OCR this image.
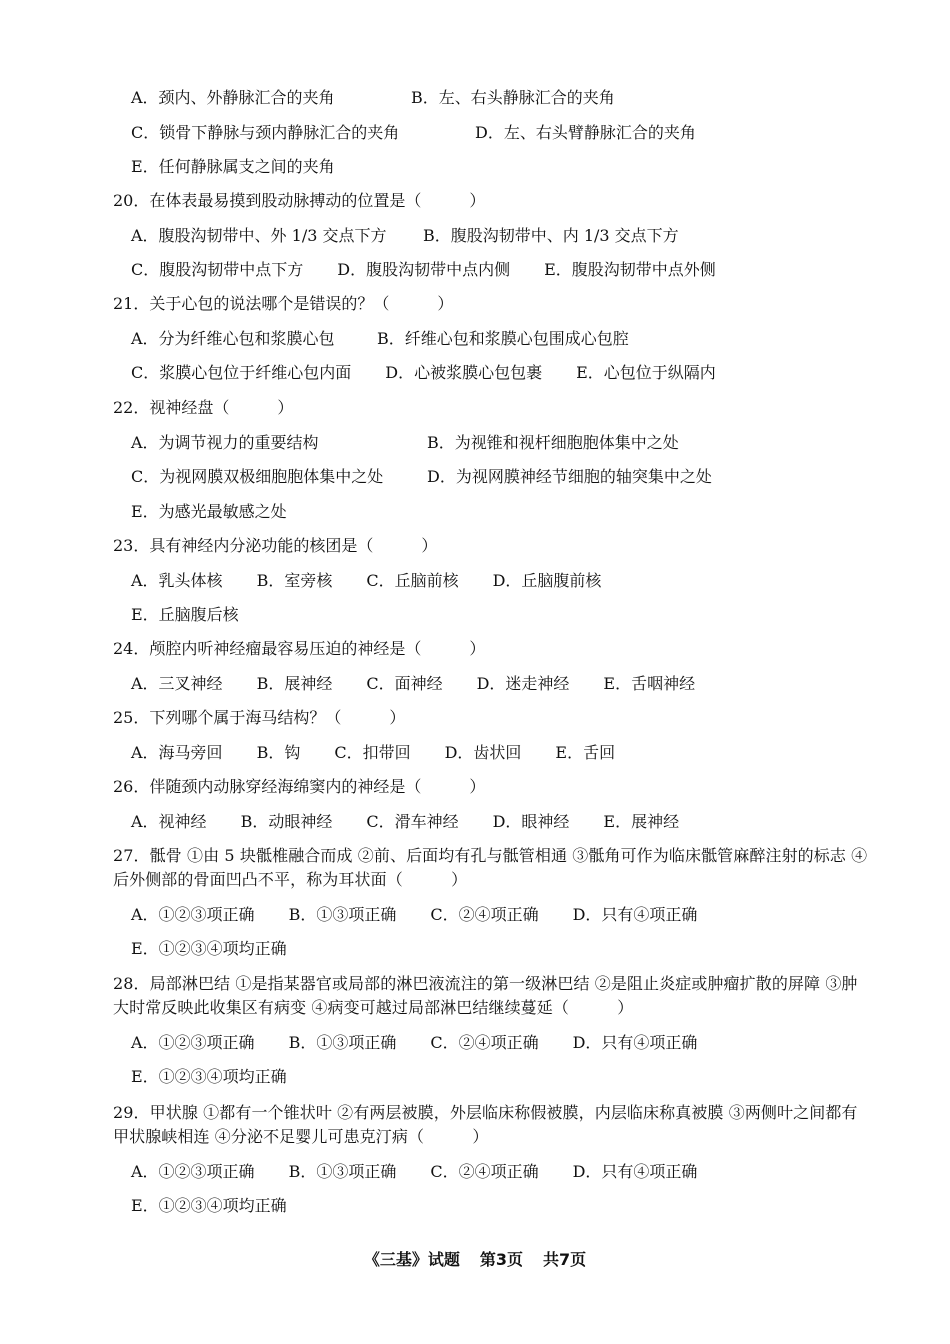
A．颈内、外静脉汇合的夹角	B．左、右头静脉汇合的夹角
C．锁骨下静脉与颈内静脉汇合的夹角	D．左、右头臂静脉汇合的夹角
E．任何静脉属支之间的夹角
20．在体表最易摸到股动脉搏动的位置是（　　　）
A．腹股沟韧带中、外 1/3 交点下方 B．腹股沟韧带中、内 1/3 交点下方
C．腹股沟韧带中点下方 D．腹股沟韧带中点内侧 E．腹股沟韧带中点外侧
21．关于心包的说法哪个是错误的？（　　　）
A．分为纤维心包和浆膜心包	B．纤维心包和浆膜心包围成心包腔
C．浆膜心包位于纤维心包内面 D．心被浆膜心包包裹 E．心包位于纵隔内
22．视神经盘（　　　）
A．为调节视力的重要结构	B．为视锥和视杆细胞胞体集中之处
C．为视网膜双极细胞胞体集中之处	D．为视网膜神经节细胞的轴突集中之处
E．为感光最敏感之处
23．具有神经内分泌功能的核团是（　　　）
A．乳头体核 B．室旁核 C．丘脑前核 D．丘脑腹前核
E．丘脑腹后核
24．颅腔内听神经瘤最容易压迫的神经是（　　　）
A．三叉神经 B．展神经 C．面神经 D．迷走神经 E．舌咽神经
25．下列哪个属于海马结构？（　　　）
A．海马旁回 B．钩 C．扣带回 D．齿状回 E．舌回
26．伴随颈内动脉穿经海绵窦内的神经是（　　　）
A．视神经 B．动眼神经 C．滑车神经 D．眼神经 E．展神经
27．骶骨 ①由 5 块骶椎融合而成 ②前、后面均有孔与骶管相通 ③骶角可作为临床骶管麻醉注射的标志 ④后外侧部的骨面凹凸不平，称为耳状面（　　　）
A．①②③项正确 B．①③项正确 C．②④项正确 D．只有④项正确
E．①②③④项均正确
28．局部淋巴结 ①是指某器官或局部的淋巴液流注的第一级淋巴结 ②是阻止炎症或肿瘤扩散的屏障 ③肿大时常反映此收集区有病变 ④病变可越过局部淋巴结继续蔓延（　　　）
A．①②③项正确 B．①③项正确 C．②④项正确 D．只有④项正确
E．①②③④项均正确
29．甲状腺 ①都有一个锥状叶 ②有两层被膜，外层临床称假被膜，内层临床称真被膜 ③两侧叶之间都有甲状腺峡相连 ④分泌不足婴儿可患克汀病（　　　）
A．①②③项正确 B．①③项正确 C．②④项正确 D．只有④项正确
E．①②③④项均正确
《三基》试题 第3页 共7页
